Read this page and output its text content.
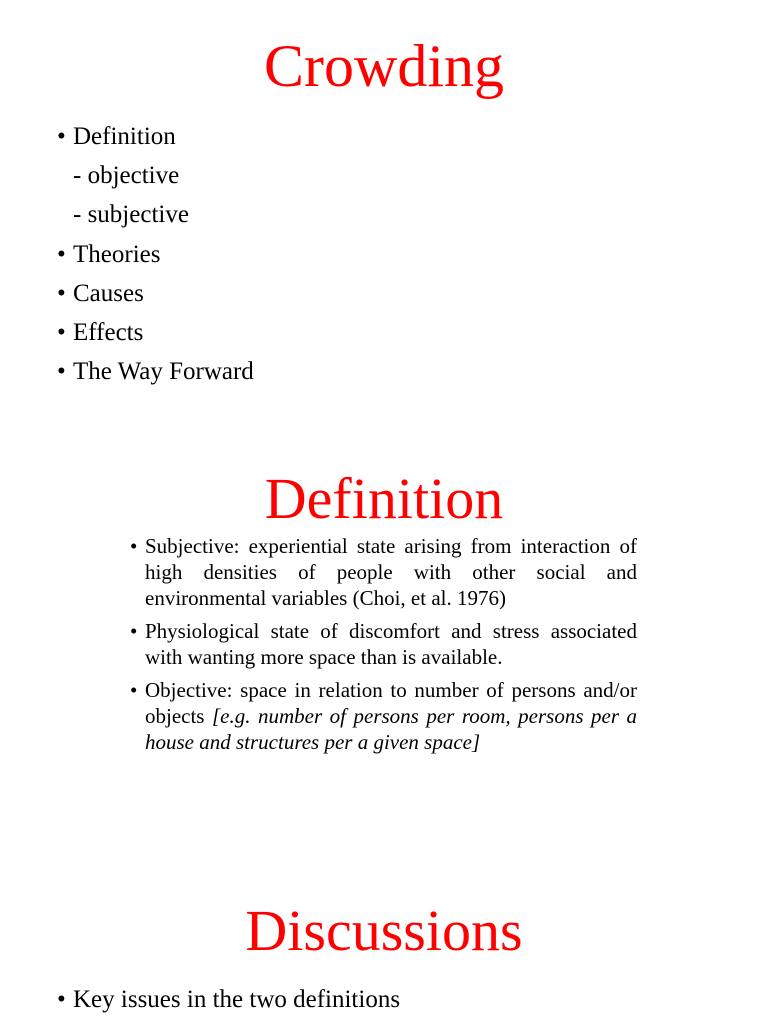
Crowding
• Definition
- objective
- subjective
• Theories
• Causes
• Effects
• The Way Forward
Definition
• Subjective: experiential state arising from interaction of high densities of people with other social and environmental variables (Choi, et al. 1976)
• Physiological state of discomfort and stress associated with wanting more space than is available.
• Objective: space in relation to number of persons and/or objects [e.g. number of persons per room, persons per a house and structures per a given space]
Discussions
• Key issues in the two definitions
